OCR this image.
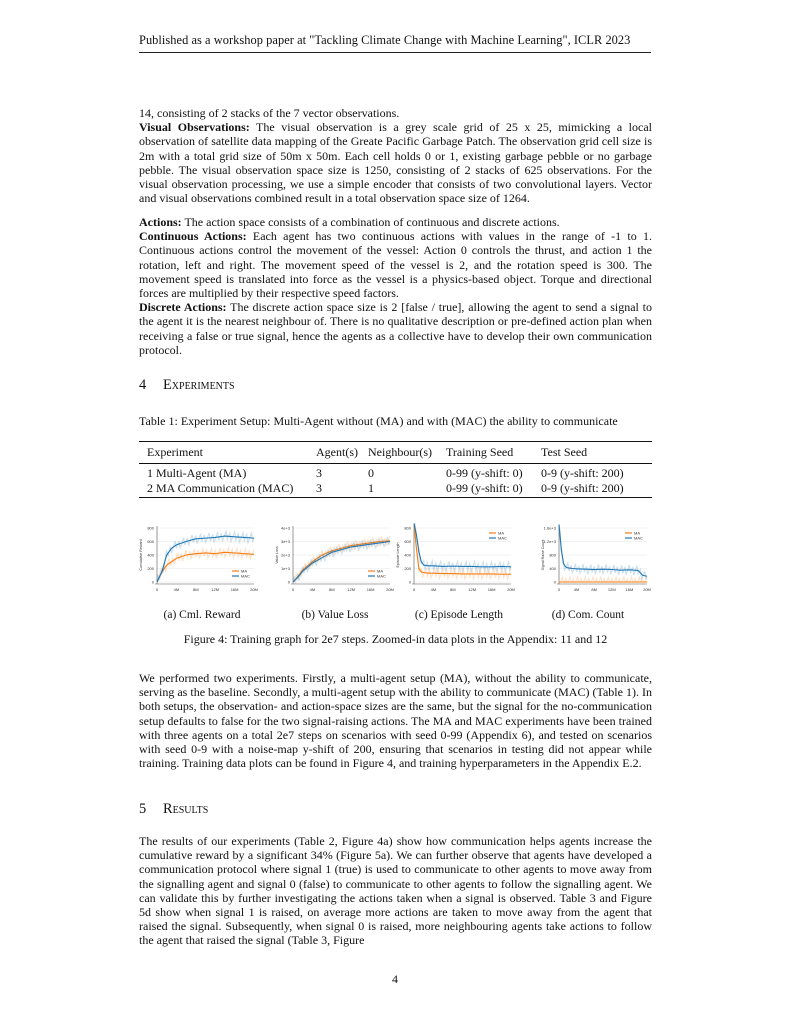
Published as a workshop paper at "Tackling Climate Change with Machine Learning", ICLR 2023

14, consisting of 2 stacks of the 7 vector observations.

Visual Observations: The visual observation is a grey scale grid of 25 x 25, mimicking a local observation of satellite data mapping of the Greate Pacific Garbage Patch. The observation grid cell size is 2m with a total grid size of 50m x 50m. Each cell holds 0 or 1, existing garbage pebble or no garbage pebble. The visual observation space size is 1250, consisting of 2 stacks of 625 observations. For the visual observation processing, we use a simple encoder that consists of two convolutional layers. Vector and visual observations combined result in a total observation space size of 1264.

Actions: The action space consists of a combination of continuous and discrete actions.

Continuous Actions: Each agent has two continuous actions with values in the range of -1 to 1. Continuous actions control the movement of the vessel: Action 0 controls the thrust, and action 1 the rotation, left and right. The movement speed of the vessel is 2, and the rotation speed is 300. The movement speed is translated into force as the vessel is a physics-based object. Torque and directional forces are multiplied by their respective speed factors.

Discrete Actions: The discrete action space size is 2 [false / true], allowing the agent to send a signal to the agent it is the nearest neighbour of. There is no qualitative description or pre-defined action plan when receiving a false or true signal, hence the agents as a collective have to develop their own communication protocol.

4 Experiments
Table 1: Experiment Setup: Multi-Agent without (MA) and with (MAC) the ability to communicate
Experiment	Agent(s)	Neighbour(s)	Training Seed	Test Seed
1 Multi-Agent (MA)	3	0	0-99 (y-shift: 0)	0-9 (y-shift: 200)
2 MA Communication (MAC)	3	1	0-99 (y-shift: 0)	0-9 (y-shift: 200)
0
200
400
600
800
0	4M	8M	12M	16M	20M
Cumulative Reward
MA
MAC
0
1e+3
2e+3
3e+3
4e+3
0	4M	8M	12M	16M	20M
Value Loss
MA
MAC
0
200
400
600
800
0	4M	8M	12M	16M	20M
Episode Length
MA
MAC
0
400
800
1.2e+3
1.6e+3
0	4M	8M	12M 16M 20M
Signal Raise Count
MA
MAC
(a) Cml. Reward	(b) Value Loss	(c) Episode Length	(d) Com. Count
Figure 4: Training graph for 2e7 steps. Zoomed-in data plots in the Appendix: 11 and 12
We performed two experiments. Firstly, a multi-agent setup (MA), without the ability to communicate, serving as the baseline. Secondly, a multi-agent setup with the ability to communicate (MAC) (Table 1). In both setups, the observation- and action-space sizes are the same, but the signal for the no-communication setup defaults to false for the two signal-raising actions. The MA and MAC experiments have been trained with three agents on a total 2e7 steps on scenarios with seed 0-99 (Appendix 6), and tested on scenarios with seed 0-9 with a noise-map y-shift of 200, ensuring that scenarios in testing did not appear while training. Training data plots can be found in Figure 4, and training hyperparameters in the Appendix E.2.
5 Results
The results of our experiments (Table 2, Figure 4a) show how communication helps agents increase the cumulative reward by a significant 34% (Figure 5a). We can further observe that agents have developed a communication protocol where signal 1 (true) is used to communicate to other agents to move away from the signalling agent and signal 0 (false) to communicate to other agents to follow the signalling agent. We can validate this by further investigating the actions taken when a signal is observed. Table 3 and Figure 5d show when signal 1 is raised, on average more actions are taken to move away from the agent that raised the signal. Subsequently, when signal 0 is raised, more neighbouring agents take actions to follow the agent that raised the signal (Table 3, Figure
4
